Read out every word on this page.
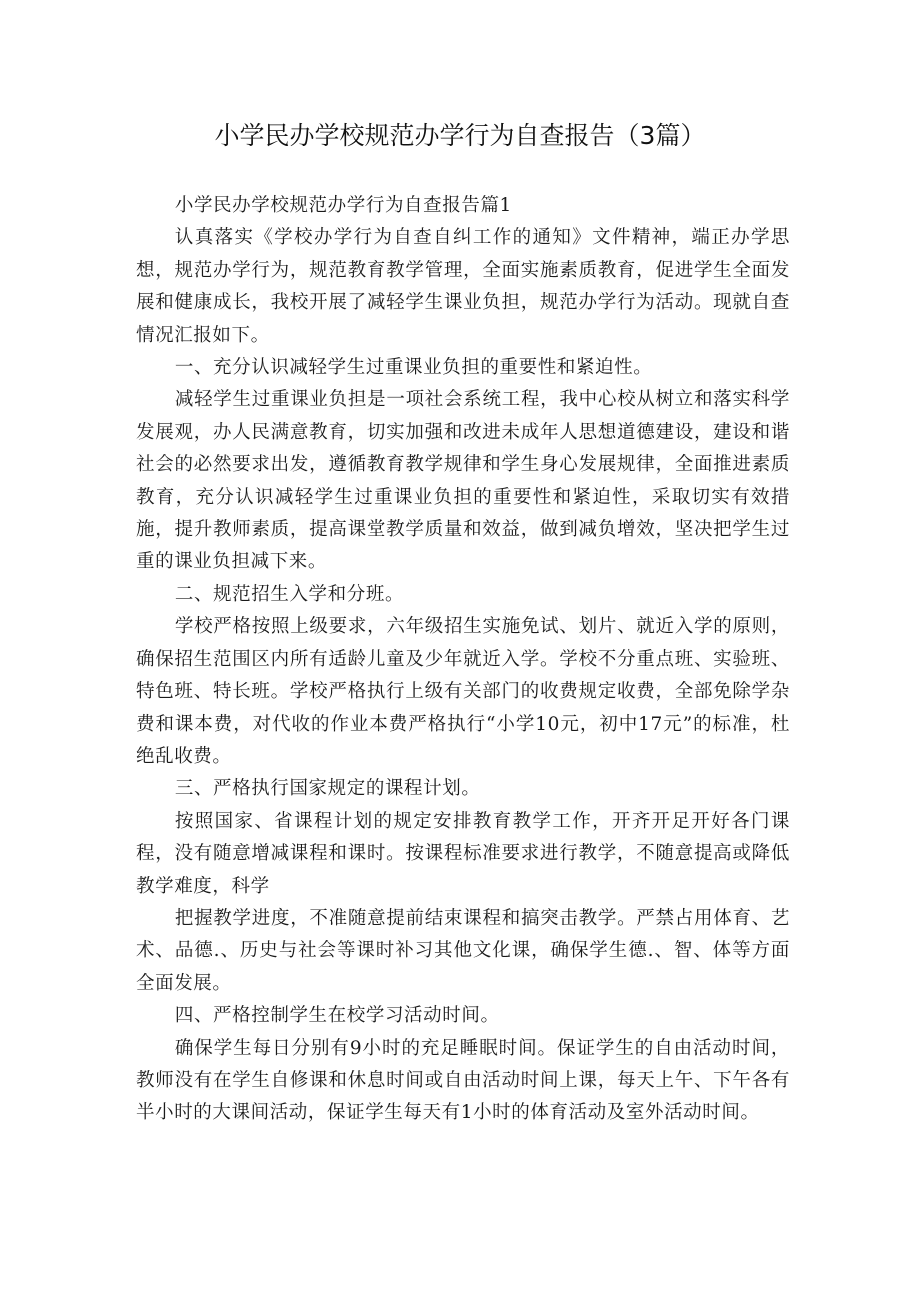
小学民办学校规范办学行为自查报告（3篇）

小学民办学校规范办学行为自查报告篇1

认真落实《学校办学行为自查自纠工作的通知》文件精神，端正办学思想，规范办学行为，规范教育教学管理，全面实施素质教育，促进学生全面发展和健康成长，我校开展了减轻学生课业负担，规范办学行为活动。现就自查情况汇报如下。

一、充分认识减轻学生过重课业负担的重要性和紧迫性。

减轻学生过重课业负担是一项社会系统工程，我中心校从树立和落实科学发展观，办人民满意教育，切实加强和改进未成年人思想道德建设，建设和谐社会的必然要求出发，遵循教育教学规律和学生身心发展规律，全面推进素质教育，充分认识减轻学生过重课业负担的重要性和紧迫性，采取切实有效措施，提升教师素质，提高课堂教学质量和效益，做到减负增效，坚决把学生过重的课业负担减下来。

二、规范招生入学和分班。

学校严格按照上级要求，六年级招生实施免试、划片、就近入学的原则，确保招生范围区内所有适龄儿童及少年就近入学。学校不分重点班、实验班、特色班、特长班。学校严格执行上级有关部门的收费规定收费，全部免除学杂费和课本费，对代收的作业本费严格执行“小学10元，初中17元”的标准，杜绝乱收费。

三、严格执行国家规定的课程计划。

按照国家、省课程计划的规定安排教育教学工作，开齐开足开好各门课程，没有随意增减课程和课时。按课程标准要求进行教学，不随意提高或降低教学难度，科学

把握教学进度，不准随意提前结束课程和搞突击教学。严禁占用体育、艺术、品德.、历史与社会等课时补习其他文化课，确保学生德.、智、体等方面全面发展。

四、严格控制学生在校学习活动时间。

确保学生每日分别有9小时的充足睡眠时间。保证学生的自由活动时间，教师没有在学生自修课和休息时间或自由活动时间上课，每天上午、下午各有半小时的大课间活动，保证学生每天有1小时的体育活动及室外活动时间。
